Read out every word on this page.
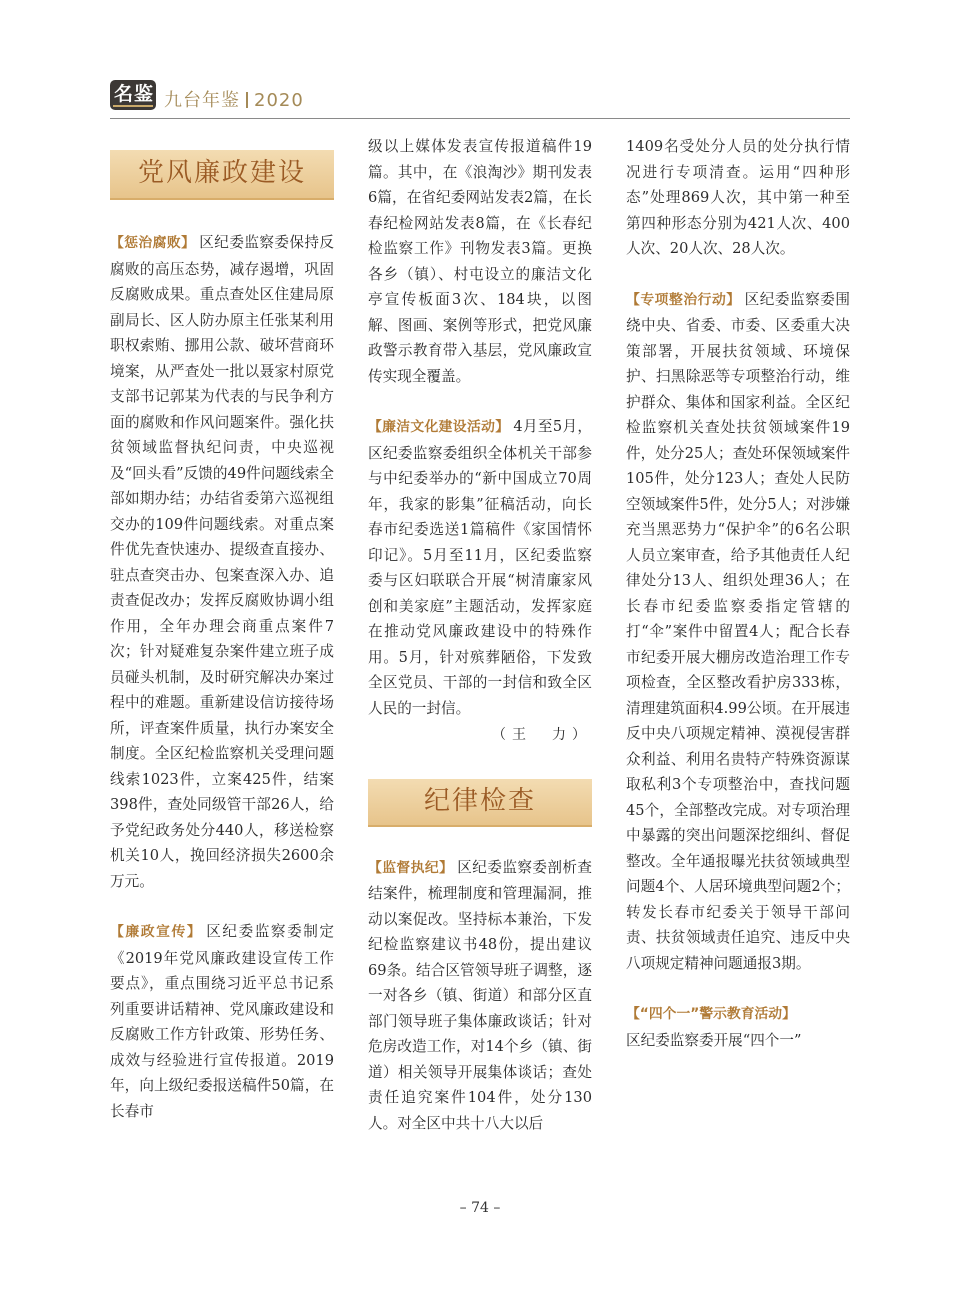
名 鉴 九台年鉴 2020
党风廉政建设

【惩治腐败】 区纪委监察委保持反腐败的高压态势，减存遏增，巩固反腐败成果。重点查处区住建局原副局长、区人防办原主任张某利用职权索贿、挪用公款、破坏营商环境案，从严查处一批以聂家村原党支部书记郭某为代表的与民争利方面的腐败和作风问题案件。强化扶贫领域监督执纪问责，中央巡视及“回头看”反馈的49件问题线索全部如期办结；办结省委第六巡视组交办的109件问题线索。对重点案件优先查快速办、提级查直接办、驻点查突击办、包案查深入办、追责查促改办；发挥反腐败协调小组作用，全年办理会商重点案件7次；针对疑难复杂案件建立班子成员碰头机制，及时研究解决办案过程中的难题。重新建设信访接待场所，评查案件质量，执行办案安全制度。全区纪检监察机关受理问题线索1023件，立案425件，结案398件，查处同级管干部26人，给予党纪政务处分440人，移送检察机关10人，挽回经济损失2600余万元。

【廉政宣传】 区纪委监察委制定《2019年党风廉政建设宣传工作要点》，重点围绕习近平总书记系列重要讲话精神、党风廉政建设和反腐败工作方针政策、形势任务、成效与经验进行宣传报道。2019年，向上级纪委报送稿件50篇，在长春市

级以上媒体发表宣传报道稿件19篇。其中，在《浪淘沙》期刊发表6篇，在省纪委网站发表2篇，在长春纪检网站发表8篇，在《长春纪检监察工作》刊物发表3篇。更换各乡（镇）、村屯设立的廉洁文化亭宣传板面3次、184块，以图解、图画、案例等形式，把党风廉政警示教育带入基层，党风廉政宣传实现全覆盖。

【廉洁文化建设活动】 4月至5月，区纪委监察委组织全体机关干部参与中纪委举办的“新中国成立70周年，我家的影集”征稿活动，向长春市纪委选送1篇稿件《家国情怀印记》。5月至11月，区纪委监察委与区妇联联合开展“树清廉家风　创和美家庭”主题活动，发挥家庭在推动党风廉政建设中的特殊作用。5月，针对殡葬陋俗，下发致全区党员、干部的一封信和致全区人民的一封信。

（王　力）
纪律检查

【监督执纪】 区纪委监察委剖析查结案件，梳理制度和管理漏洞，推动以案促改。坚持标本兼治，下发纪检监察建议书48份，提出建议69条。结合区管领导班子调整，逐一对各乡（镇、街道）和部分区直部门领导班子集体廉政谈话；针对危房改造工作，对14个乡（镇、街道）相关领导开展集体谈话；查处责任追究案件104件，处分130人。对全区中共十八大以后

1409名受处分人员的处分执行情况进行专项清查。运用“四种形态”处理869人次，其中第一种至第四种形态分别为421人次、400人次、20人次、28人次。

【专项整治行动】 区纪委监察委围绕中央、省委、市委、区委重大决策部署，开展扶贫领域、环境保护、扫黑除恶等专项整治行动，维护群众、集体和国家利益。全区纪检监察机关查处扶贫领域案件19件，处分25人；查处环保领域案件105件，处分123人；查处人民防空领域案件5件，处分5人；对涉嫌充当黑恶势力“保护伞”的6名公职人员立案审查，给予其他责任人纪律处分13人、组织处理36人；在长春市纪委监察委指定管辖的打“伞”案件中留置4人；配合长春市纪委开展大棚房改造治理工作专项检查，全区整改看护房333栋，清理建筑面积4.99公顷。在开展违反中央八项规定精神、漠视侵害群众利益、利用名贵特产特殊资源谋取私利3个专项整治中，查找问题45个，全部整改完成。对专项治理中暴露的突出问题深挖细纠、督促整改。全年通报曝光扶贫领域典型问题4个、人居环境典型问题2个；转发长春市纪委关于领导干部问责、扶贫领域责任追究、违反中央八项规定精神问题通报3期。

【“四个一”警示教育活动】
区纪委监察委开展“四个一”

– 74 –
